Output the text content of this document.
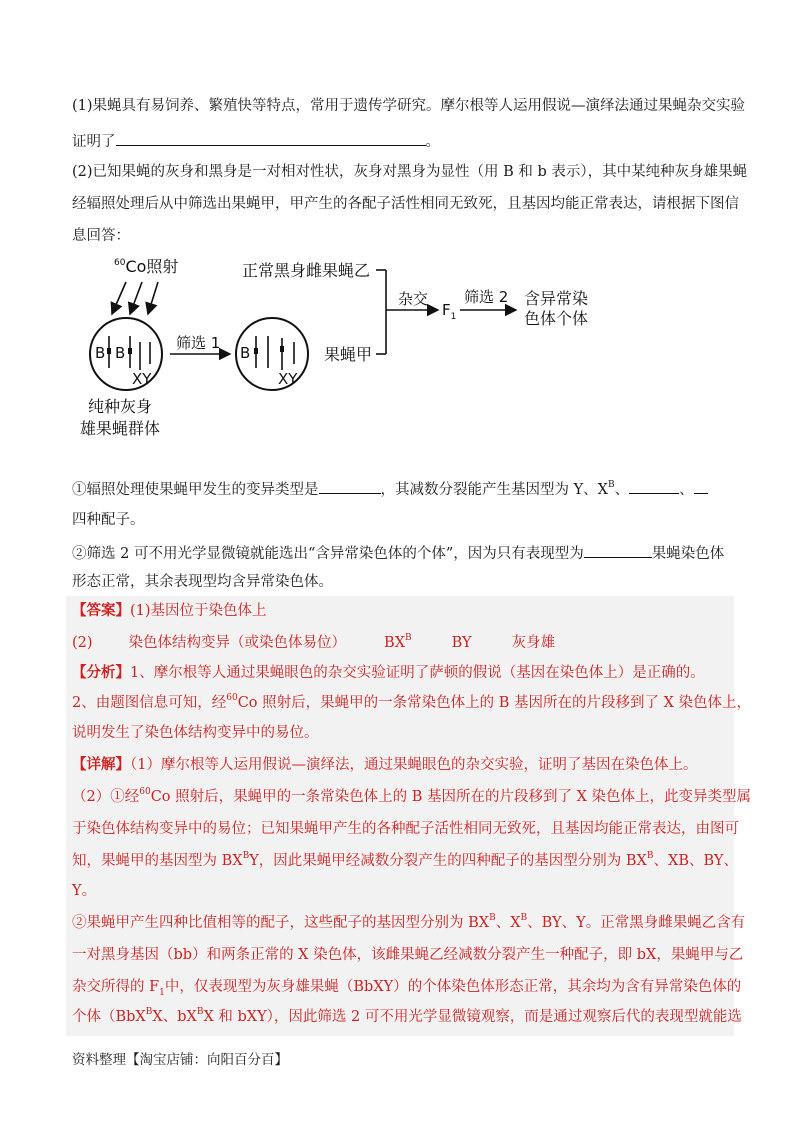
(1)果蝇具有易饲养、繁殖快等特点，常用于遗传学研究。摩尔根等人运用假说—演绎法通过果蝇杂交实验
证明了	。
(2)已知果蝇的灰身和黑身是一对相对性状，灰身对黑身为显性（用 B 和 b 表示），其中某纯种灰身雄果蝇
经辐照处理后从中筛选出果蝇甲，甲产生的各配子活性相同无致死，且基因均能正常表达，请根据下图信
息回答：
$^{60}$Co照射
B B
XY
纯种灰身
雄果蝇群体
筛选 1
B
XY
正常黑身雌果蝇乙
果蝇甲
杂交
$F_1$
筛选 2 含异常染
色体个体
①辐照处理使果蝇甲发生的变异类型是	，其减数分裂能产生基因型为 Y、$X^B$、	、
四种配子。
②筛选 2 可不用光学显微镜就能选出“含异常染色体的个体”，因为只有表现型为	果蝇染色体
形态正常，其余表现型均含异常染色体。
【答案】(1)基因位于染色体上
(2) 染色体结构变异（或染色体易位）	$BX^B$	BY	灰身雄
【分析】1、摩尔根等人通过果蝇眼色的杂交实验证明了萨顿的假说（基因在染色体上）是正确的。
2、由题图信息可知，经$^{60}$Co 照射后，果蝇甲的一条常染色体上的 B 基因所在的片段移到了 X 染色体上，
说明发生了染色体结构变异中的易位。
【详解】（1）摩尔根等人运用假说—演绎法，通过果蝇眼色的杂交实验，证明了基因在染色体上。
（2）①经$^{60}$Co 照射后，果蝇甲的一条常染色体上的 B 基因所在的片段移到了 X 染色体上，此变异类型属
于染色体结构变异中的易位；已知果蝇甲产生的各种配子活性相同无致死，且基因均能正常表达，由图可
知，果蝇甲的基因型为 $BX^BY$，因此果蝇甲经减数分裂产生的四种配子的基因型分别为 $BX^B$、XB、BY、
Y。
②果蝇甲产生四种比值相等的配子，这些配子的基因型分别为 $BX^B$、$X^B$、BY、Y。正常黑身雌果蝇乙含有
一对黑身基因（bb）和两条正常的 X 染色体，该雌果蝇乙经减数分裂产生一种配子，即 bX，果蝇甲与乙
杂交所得的 $F_1$中，仅表现型为灰身雄果蝇（BbXY）的个体染色体形态正常，其余均为含有异常染色体的
个体（BbX$^B$X、$bX^BX$ 和 bXY），因此筛选 2 可不用光学显微镜观察，而是通过观察后代的表现型就能选
资料整理【淘宝店铺：向阳百分百】
